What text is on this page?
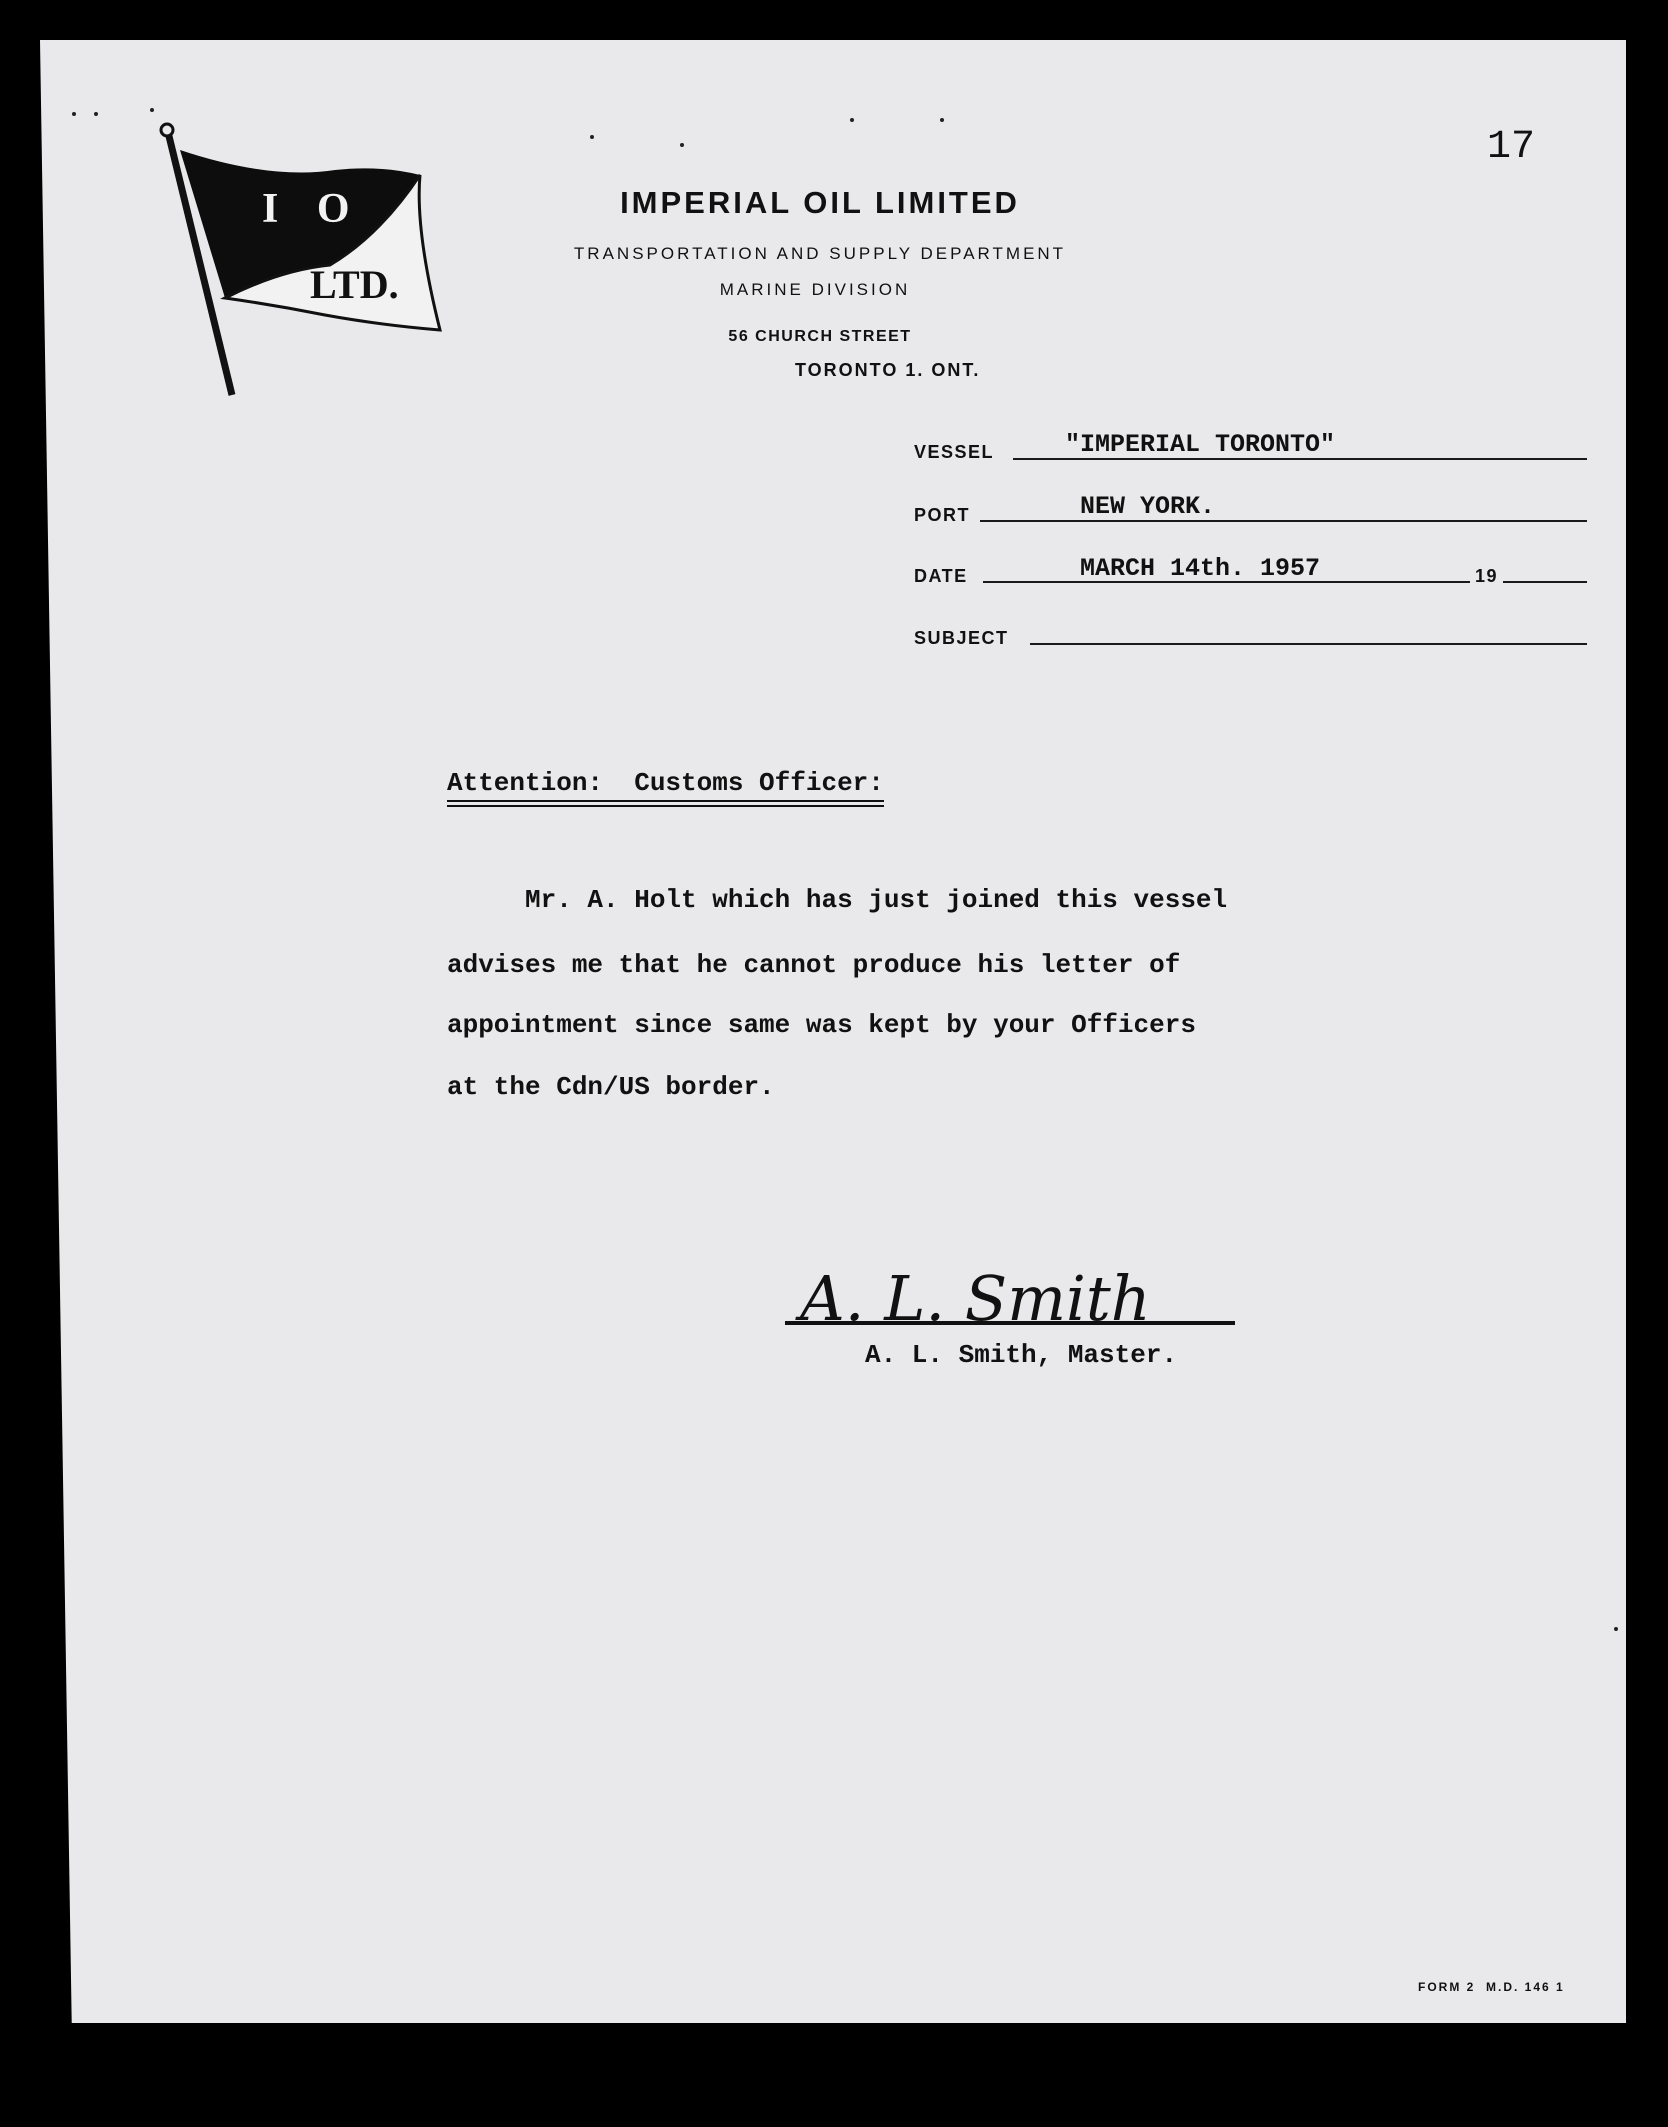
17
I O
LTD.
IMPERIAL OIL LIMITED
TRANSPORTATION AND SUPPLY DEPARTMENT
MARINE DIVISION
56 CHURCH STREET
TORONTO 1. ONT.
VESSEL	"IMPERIAL TORONTO"
PORT	NEW YORK.
DATE	MARCH 14th. 1957	19
SUBJECT
Attention:  Customs Officer:
Mr. A. Holt which has just joined this vessel
advises me that he cannot produce his letter of
appointment since same was kept by your Officers
at the Cdn/US border.
A. L. Smith
A. L. Smith, Master.
FORM 2  M.D. 146 1
